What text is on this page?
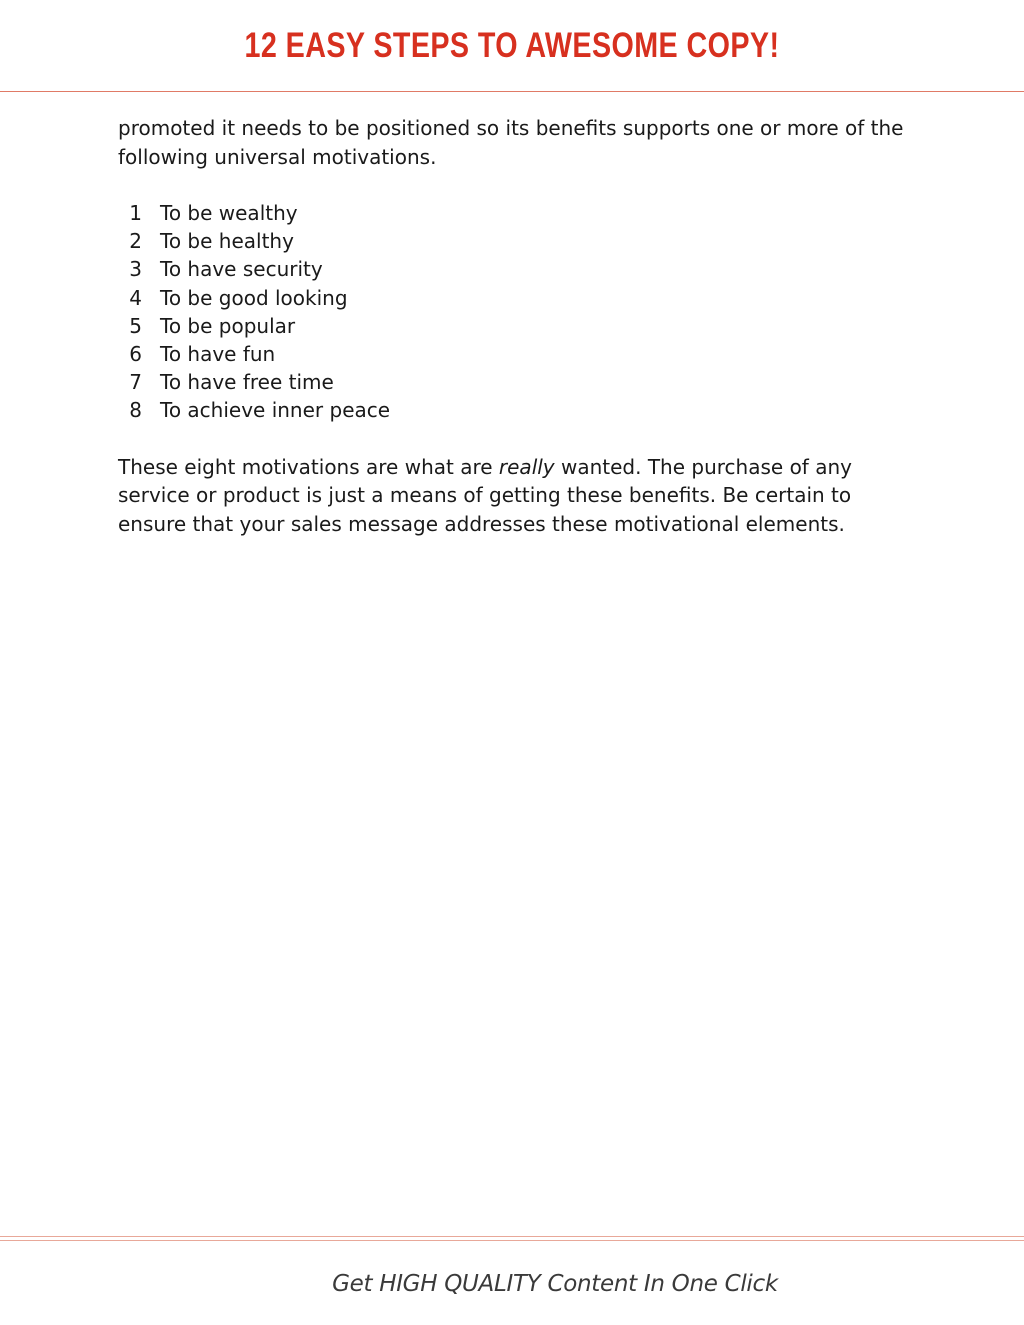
12 EASY STEPS TO AWESOME COPY!

promoted it needs to be positioned so its benefits supports one or more of the following universal motivations.

1 To be wealthy
2 To be healthy
3 To have security
4 To be good looking
5 To be popular
6 To have fun
7 To have free time
8 To achieve inner peace

These eight motivations are what are really wanted. The purchase of any service or product is just a means of getting these benefits. Be certain to ensure that your sales message addresses these motivational elements.

Get HIGH QUALITY Content In One Click
